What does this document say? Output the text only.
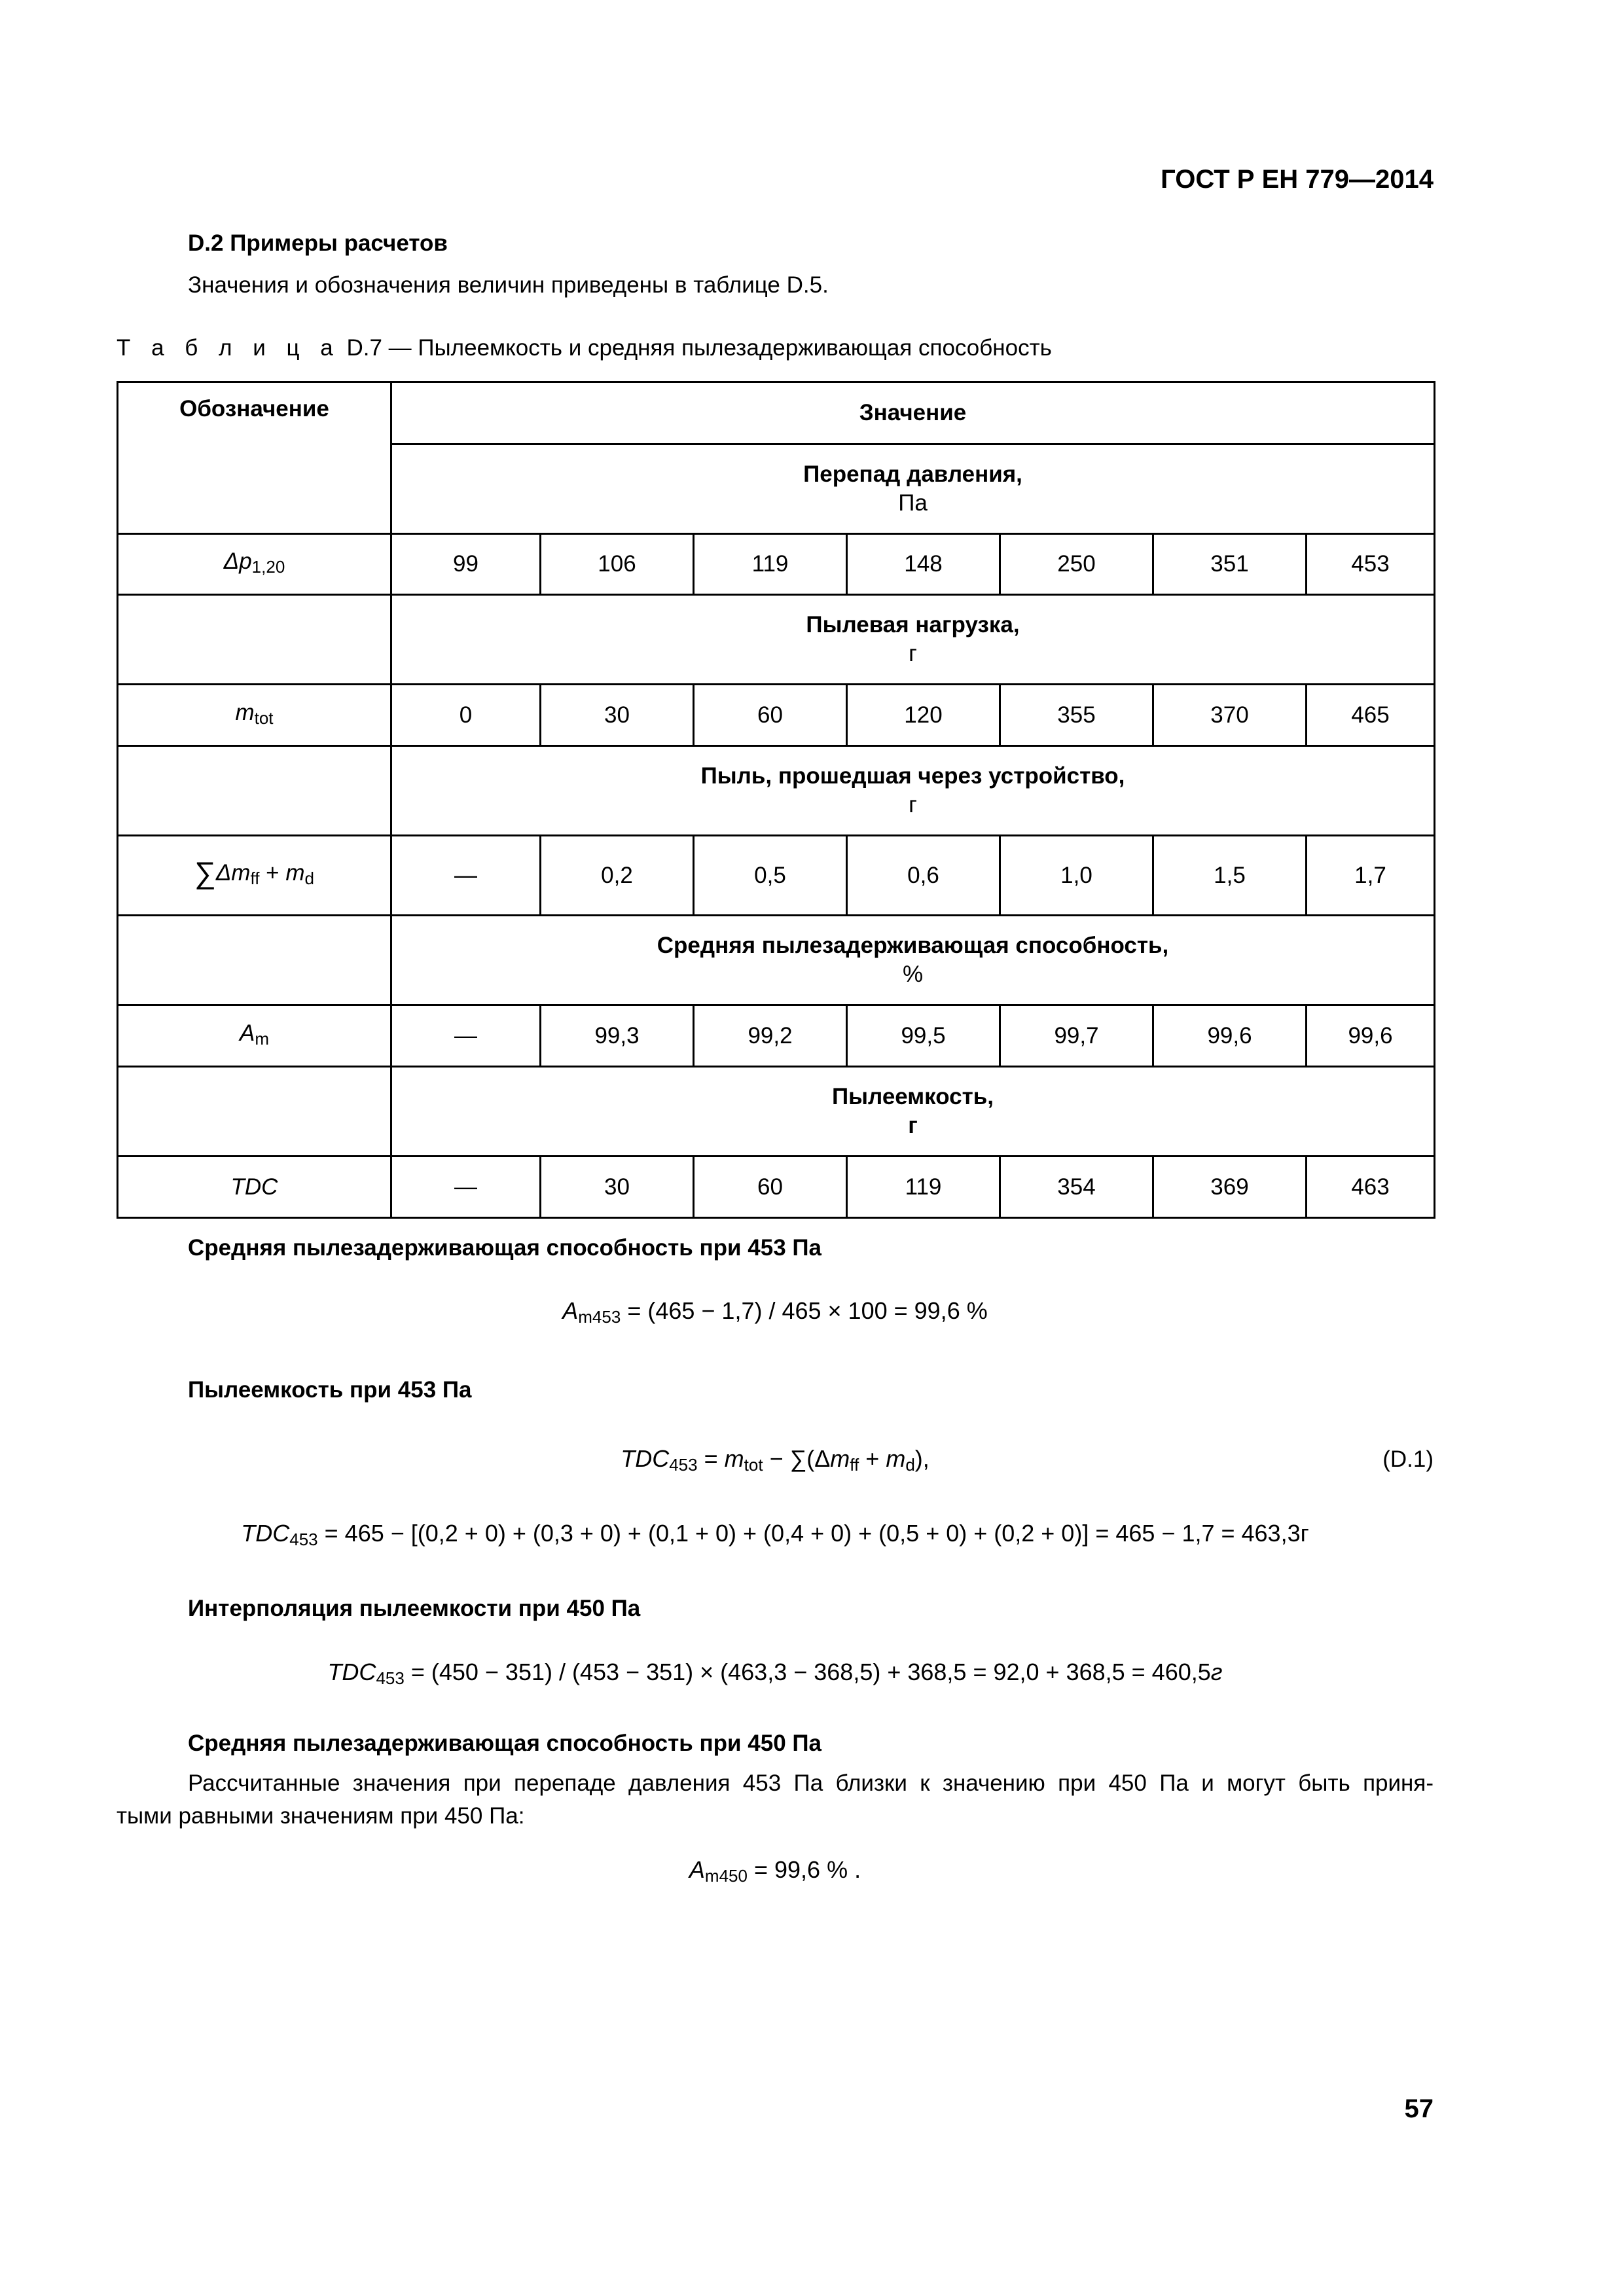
ГОСТ Р ЕН 779—2014
D.2 Примеры расчетов
Значения и обозначения величин приведены в таблице D.5.
Т а б л и ц а D.7 — Пылеемкость и средняя пылезадерживающая способность
Обозначение	Значение						
	Перепад давления,
Па						
$\Delta p_{1,20}$	99	106	119	148	250	351	453
	Пылевая нагрузка,
г						
$m_{tot}$	0	30	60	120	355	370	465
	Пыль, прошедшая через устройство,
г						
$\sum\Delta m_{ff} + m_d$	—	0,2	0,5	0,6	1,0	1,5	1,7
	Средняя пылезадерживающая способность,
%						
$A_m$	—	99,3	99,2	99,5	99,7	99,6	99,6
	Пылеемкость,
г						
TDC	—	30	60	119	354	369	463
Средняя пылезадерживающая способность при 453 Па
$A_{m453} = (465 - 1,7) / 465 \times 100 = 99,6$ %
Пылеемкость при 453 Па
$TDC_{453} = m_{tot} - \sum(\Delta m_{ff} + m_d)$,	(D.1)
$TDC_{453} = 465 - [(0,2 + 0) + (0,3 + 0) + (0,1 + 0) + (0,4 + 0) + (0,5 + 0) + (0,2 + 0)] = 465 - 1,7 = 463,3г$
Интерполяция пылеемкости при 450 Па
$TDC_{453} = (450 - 351) / (453 - 351) \times (463,3 - 368,5) + 368,5 = 92,0 + 368,5 = 460,5г$
Средняя пылезадерживающая способность при 450 Па
Рассчитанные значения при перепаде давления 453 Па близки к значению при 450 Па и могут быть приня-
тыми равными значениям при 450 Па:
$A_{m450} = 99,6$ % .
57
